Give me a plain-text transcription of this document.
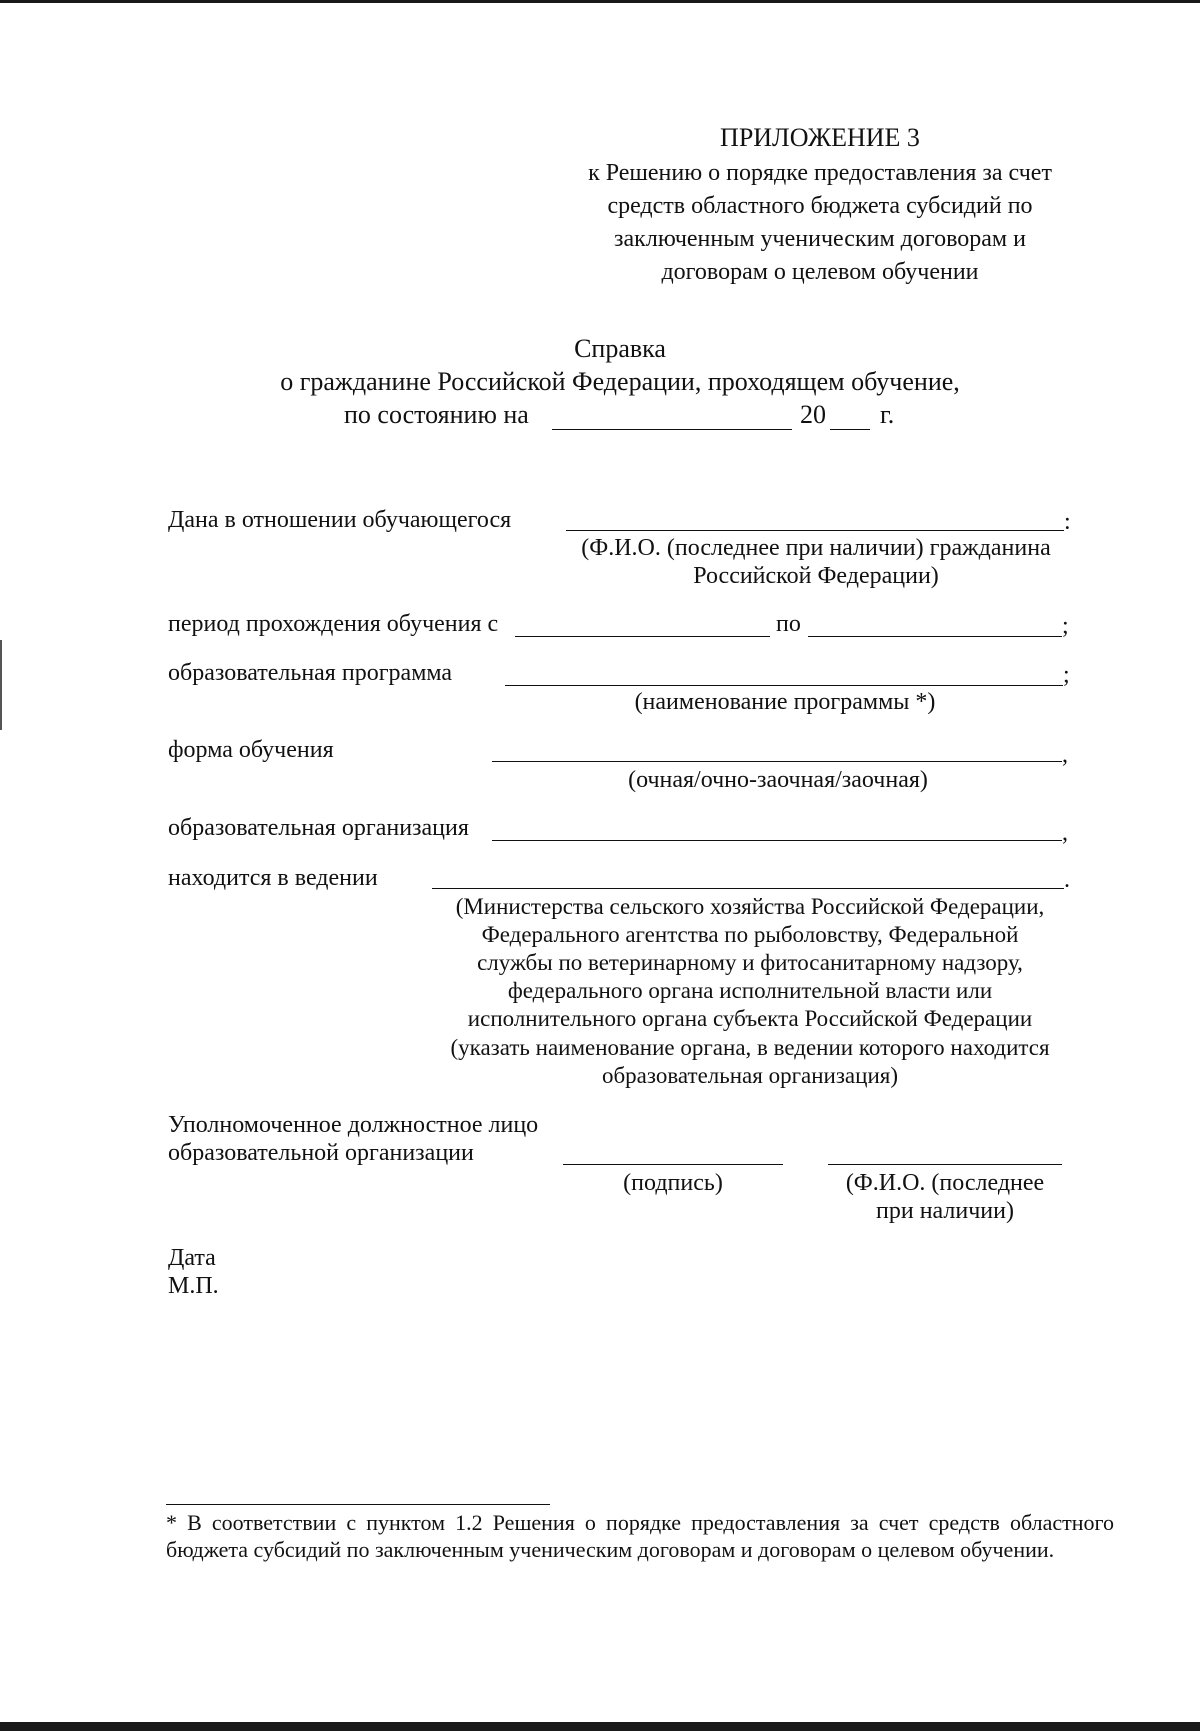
ПРИЛОЖЕНИЕ 3
к Решению о порядке предоставления за счет
средств областного бюджета субсидий по
заключенным ученическим договорам и
договорам о целевом обучении
Справка
о гражданине Российской Федерации, проходящем обучение,
по состоянию на	20 г.
Дана в отношении обучающегося	:
(Ф.И.О. (последнее при наличии) гражданина
Российской Федерации)
период прохождения обучения с	по	;
образовательная программа	;
(наименование программы *)
форма обучения	,
(очная/очно-заочная/заочная)
образовательная организация	,
находится в ведении	.
(Министерства сельского хозяйства Российской Федерации,
Федерального агентства по рыболовству, Федеральной
службы по ветеринарному и фитосанитарному надзору,
федерального органа исполнительной власти или
исполнительного органа субъекта Российской Федерации
(указать наименование органа, в ведении которого находится
образовательная организация)
Уполномоченное должностное лицо
образовательной организации
(подпись)	(Ф.И.О. (последнее
при наличии)
Дата
М.П.
* В соответствии с пунктом 1.2 Решения о порядке предоставления за счет средств областного бюджета субсидий по заключенным ученическим договорам и договорам о целевом обучении.
